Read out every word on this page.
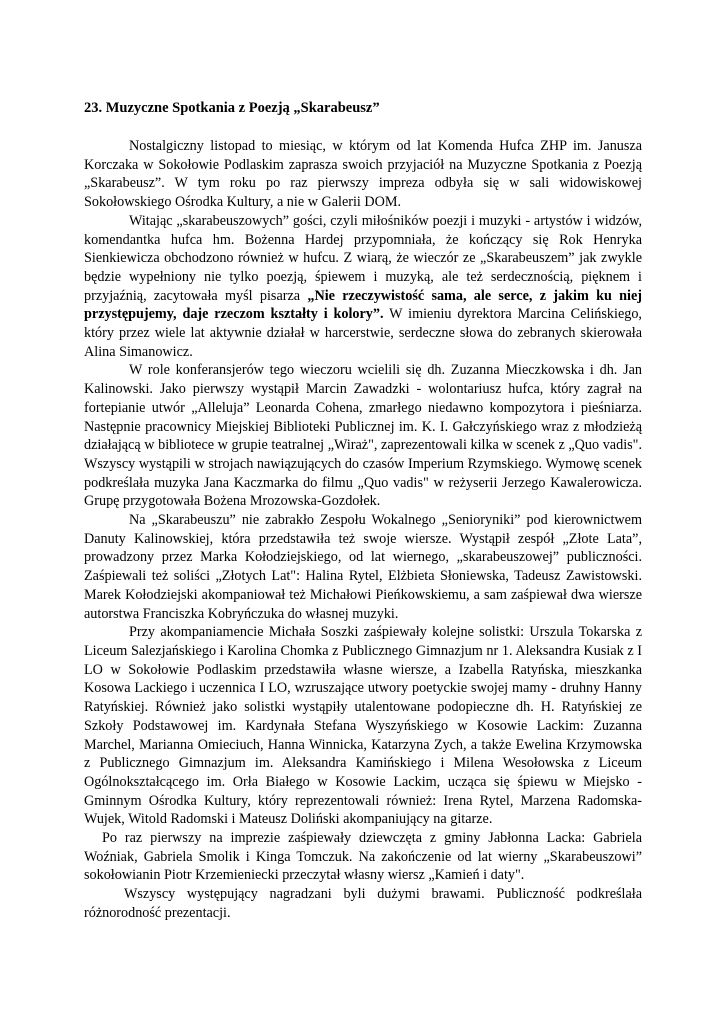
23. Muzyczne Spotkania z Poezją „Skarabeusz”

Nostalgiczny listopad to miesiąc, w którym od lat Komenda Hufca ZHP im. Janusza Korczaka w Sokołowie Podlaskim zaprasza swoich przyjaciół na Muzyczne Spotkania z Poezją „Skarabeusz”. W tym roku po raz pierwszy impreza odbyła się w sali widowiskowej Sokołowskiego Ośrodka Kultury, a nie w Galerii DOM.

Witając „skarabeuszowych” gości, czyli miłośników poezji i muzyki - artystów i widzów, komendantka hufca hm. Bożenna Hardej przypomniała, że kończący się Rok Henryka Sienkiewicza obchodzono również w hufcu. Z wiarą, że wieczór ze „Skarabeuszem” jak zwykle będzie wypełniony nie tylko poezją, śpiewem i muzyką, ale też serdecznością, pięknem i przyjaźnią, zacytowała myśl pisarza „Nie rzeczywistość sama, ale serce, z jakim ku niej przystępujemy, daje rzeczom kształty i kolory”. W imieniu dyrektora Marcina Celińskiego, który przez wiele lat aktywnie działał w harcerstwie, serdeczne słowa do zebranych skierowała Alina Simanowicz.

W role konferansjerów tego wieczoru wcielili się dh. Zuzanna Mieczkowska i dh. Jan Kalinowski. Jako pierwszy wystąpił Marcin Zawadzki - wolontariusz hufca, który zagrał na fortepianie utwór „Alleluja” Leonarda Cohena, zmarłego niedawno kompozytora i pieśniarza. Następnie pracownicy Miejskiej Biblioteki Publicznej im. K. I. Gałczyńskiego wraz z młodzieżą działającą w bibliotece w grupie teatralnej „Wiraż", zaprezentowali kilka w scenek z „Quo vadis". Wszyscy wystąpili w strojach nawiązujących do czasów Imperium Rzymskiego. Wymowę scenek podkreślała muzyka Jana Kaczmarka do filmu „Quo vadis" w reżyserii Jerzego Kawalerowicza. Grupę przygotowała Bożena Mrozowska-Gozdołek.

Na „Skarabeuszu” nie zabrakło Zespołu Wokalnego „Senioryniki” pod kierownictwem Danuty Kalinowskiej, która przedstawiła też swoje wiersze. Wystąpił zespół „Złote Lata”, prowadzony przez Marka Kołodziejskiego, od lat wiernego, „skarabeuszowej” publiczności. Zaśpiewali też soliści „Złotych Lat": Halina Rytel, Elżbieta Słoniewska, Tadeusz Zawistowski. Marek Kołodziejski akompaniował też Michałowi Pieńkowskiemu, a sam zaśpiewał dwa wiersze autorstwa Franciszka Kobryńczuka do własnej muzyki.

Przy akompaniamencie Michała Soszki zaśpiewały kolejne solistki: Urszula Tokarska z Liceum Salezjańskiego i Karolina Chomka z Publicznego Gimnazjum nr 1. Aleksandra Kusiak z I LO w Sokołowie Podlaskim przedstawiła własne wiersze, a Izabella Ratyńska, mieszkanka Kosowa Lackiego i uczennica I LO, wzruszające utwory poetyckie swojej mamy - druhny Hanny Ratyńskiej. Również jako solistki wystąpiły utalentowane podopieczne dh. H. Ratyńskiej ze Szkoły Podstawowej im. Kardynała Stefana Wyszyńskiego w Kosowie Lackim: Zuzanna Marchel, Marianna Omieciuch, Hanna Winnicka, Katarzyna Zych, a także Ewelina Krzymowska z Publicznego Gimnazjum im. Aleksandra Kamińskiego i Milena Wesołowska z Liceum Ogólnokształcącego im. Orła Białego w Kosowie Lackim, ucząca się śpiewu w Miejsko - Gminnym Ośrodka Kultury, który reprezentowali również: Irena Rytel, Marzena Radomska-Wujek, Witold Radomski i Mateusz Doliński akompaniujący na gitarze.

Po raz pierwszy na imprezie zaśpiewały dziewczęta z gminy Jabłonna Lacka: Gabriela Woźniak, Gabriela Smolik i Kinga Tomczuk. Na zakończenie od lat wierny „Skarabeuszowi” sokołowianin Piotr Krzemieniecki przeczytał własny wiersz „Kamień i daty".

Wszyscy występujący nagradzani byli dużymi brawami. Publiczność podkreślała różnorodność prezentacji.
